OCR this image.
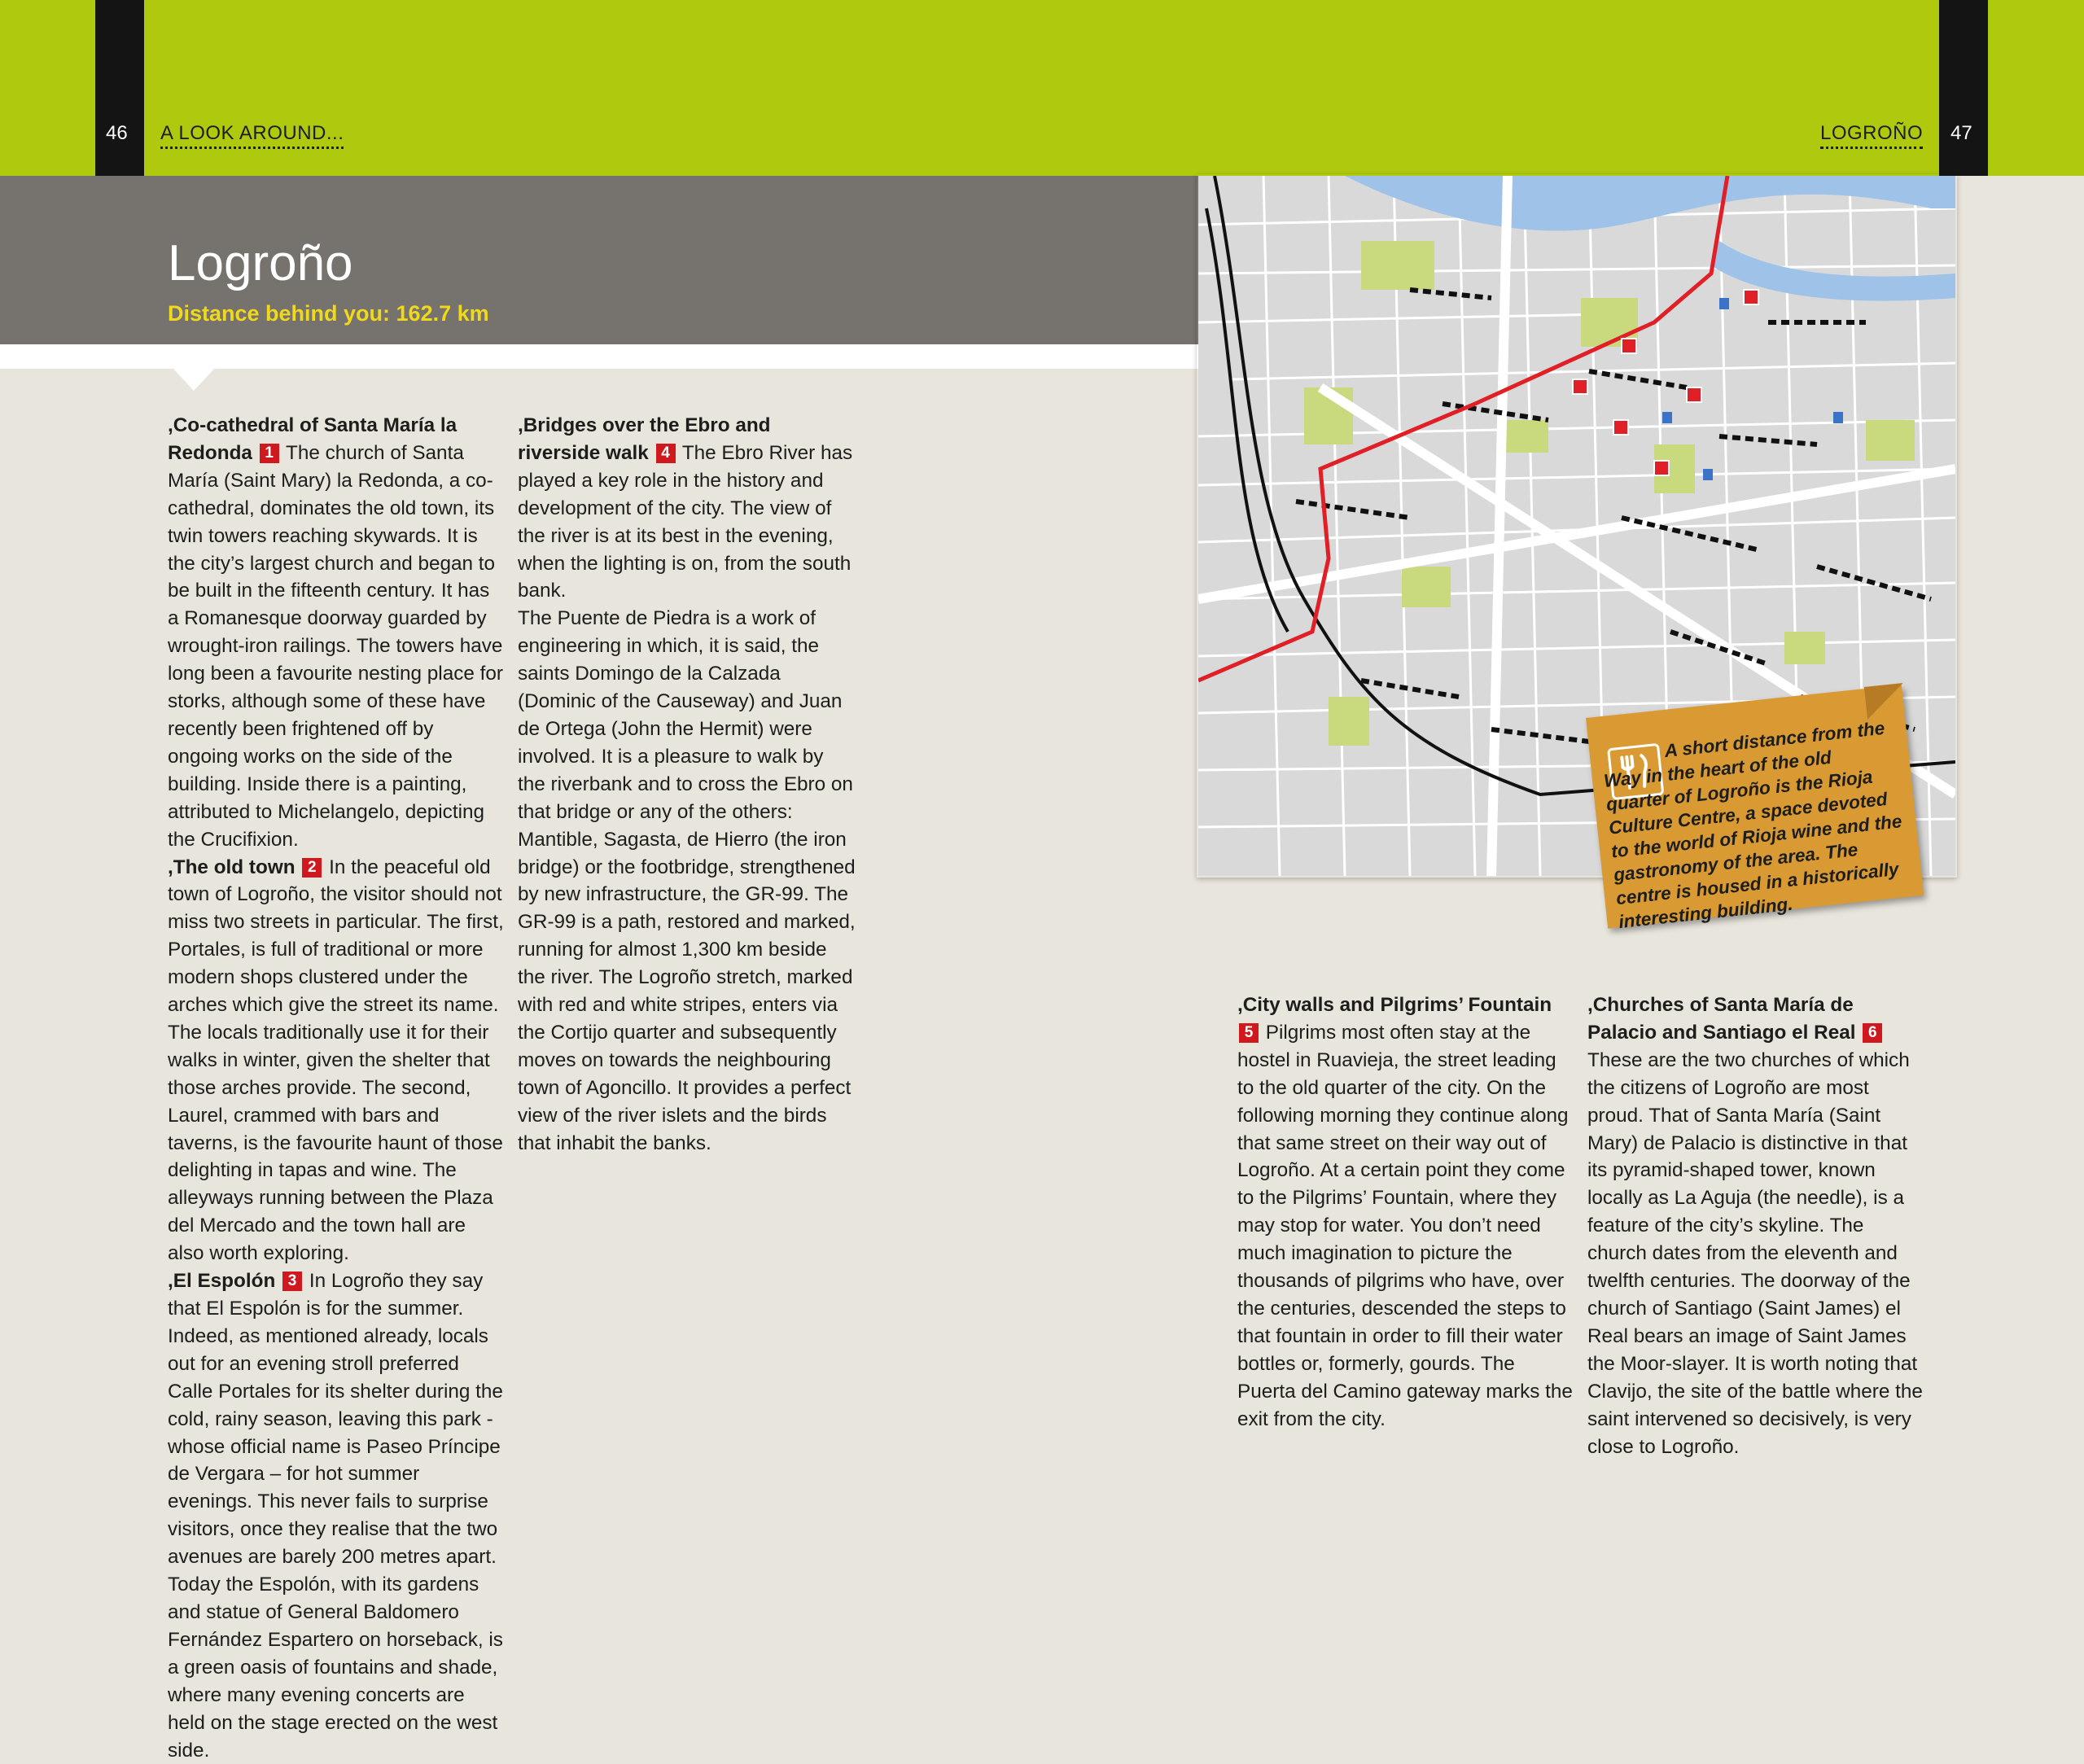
46 A LOOK AROUND...	LOGROÑO 47
Logroño

Distance behind you: 162.7 km

,Co-cathedral of Santa María la Redonda 1 The church of Santa María (Saint Mary) la Redonda, a co-cathedral, dominates the old town, its twin towers reaching skywards. It is the city’s largest church and began to be built in the fifteenth century. It has a Romanesque doorway guarded by wrought-iron railings. The towers have long been a favourite nesting place for storks, although some of these have recently been frightened off by ongoing works on the side of the building. Inside there is a painting, attributed to Michelangelo, depicting the Crucifixion.

,The old town 2 In the peaceful old town of Logroño, the visitor should not miss two streets in particular. The first, Portales, is full of traditional or more modern shops clustered under the arches which give the street its name. The locals traditionally use it for their walks in winter, given the shelter that those arches provide. The second, Laurel, crammed with bars and taverns, is the favourite haunt of those delighting in tapas and wine. The alleyways running between the Plaza del Mercado and the town hall are also worth exploring.

,El Espolón 3 In Logroño they say that El Espolón is for the summer. Indeed, as mentioned already, locals out for an evening stroll preferred Calle Portales for its shelter during the cold, rainy season, leaving this park - whose official name is Paseo Príncipe de Vergara – for hot summer evenings. This never fails to surprise visitors, once they realise that the two avenues are barely 200 metres apart. Today the Espolón, with its gardens and statue of General Baldomero Fernández Espartero on horseback, is a green oasis of fountains and shade, where many evening concerts are held on the stage erected on the west side.

,Bridges over the Ebro and riverside walk 4 The Ebro River has played a key role in the history and development of the city. The view of the river is at its best in the evening, when the lighting is on, from the south bank.

The Puente de Piedra is a work of engineering in which, it is said, the saints Domingo de la Calzada (Dominic of the Causeway) and Juan de Ortega (John the Hermit) were involved. It is a pleasure to walk by the riverbank and to cross the Ebro on that bridge or any of the others: Mantible, Sagasta, de Hierro (the iron bridge) or the footbridge, strengthened by new infrastructure, the GR-99. The GR-99 is a path, restored and marked, running for almost 1,300 km beside the river. The Logroño stretch, marked with red and white stripes, enters via the Cortijo quarter and subsequently moves on towards the neighbouring town of Agoncillo. It provides a perfect view of the river islets and the birds that inhabit the banks.

A short distance from the Way in the heart of the old quarter of Logroño is the Rioja Culture Centre, a space devoted to the world of Rioja wine and the gastronomy of the area. The centre is housed in a historically interesting building.

,City walls and Pilgrims’ Fountain 5 Pilgrims most often stay at the hostel in Ruavieja, the street leading to the old quarter of the city. On the following morning they continue along that same street on their way out of Logroño. At a certain point they come to the Pilgrims’ Fountain, where they may stop for water. You don’t need much imagination to picture the thousands of pilgrims who have, over the centuries, descended the steps to that fountain in order to fill their water bottles or, formerly, gourds. The Puerta del Camino gateway marks the exit from the city.

,Churches of Santa María de Palacio and Santiago el Real 6 These are the two churches of which the citizens of Logroño are most proud. That of Santa María (Saint Mary) de Palacio is distinctive in that its pyramid-shaped tower, known locally as La Aguja (the needle), is a feature of the city’s skyline. The church dates from the eleventh and twelfth centuries. The doorway of the church of Santiago (Saint James) el Real bears an image of Saint James the Moor-slayer. It is worth noting that Clavijo, the site of the battle where the saint intervened so decisively, is very close to Logroño.
